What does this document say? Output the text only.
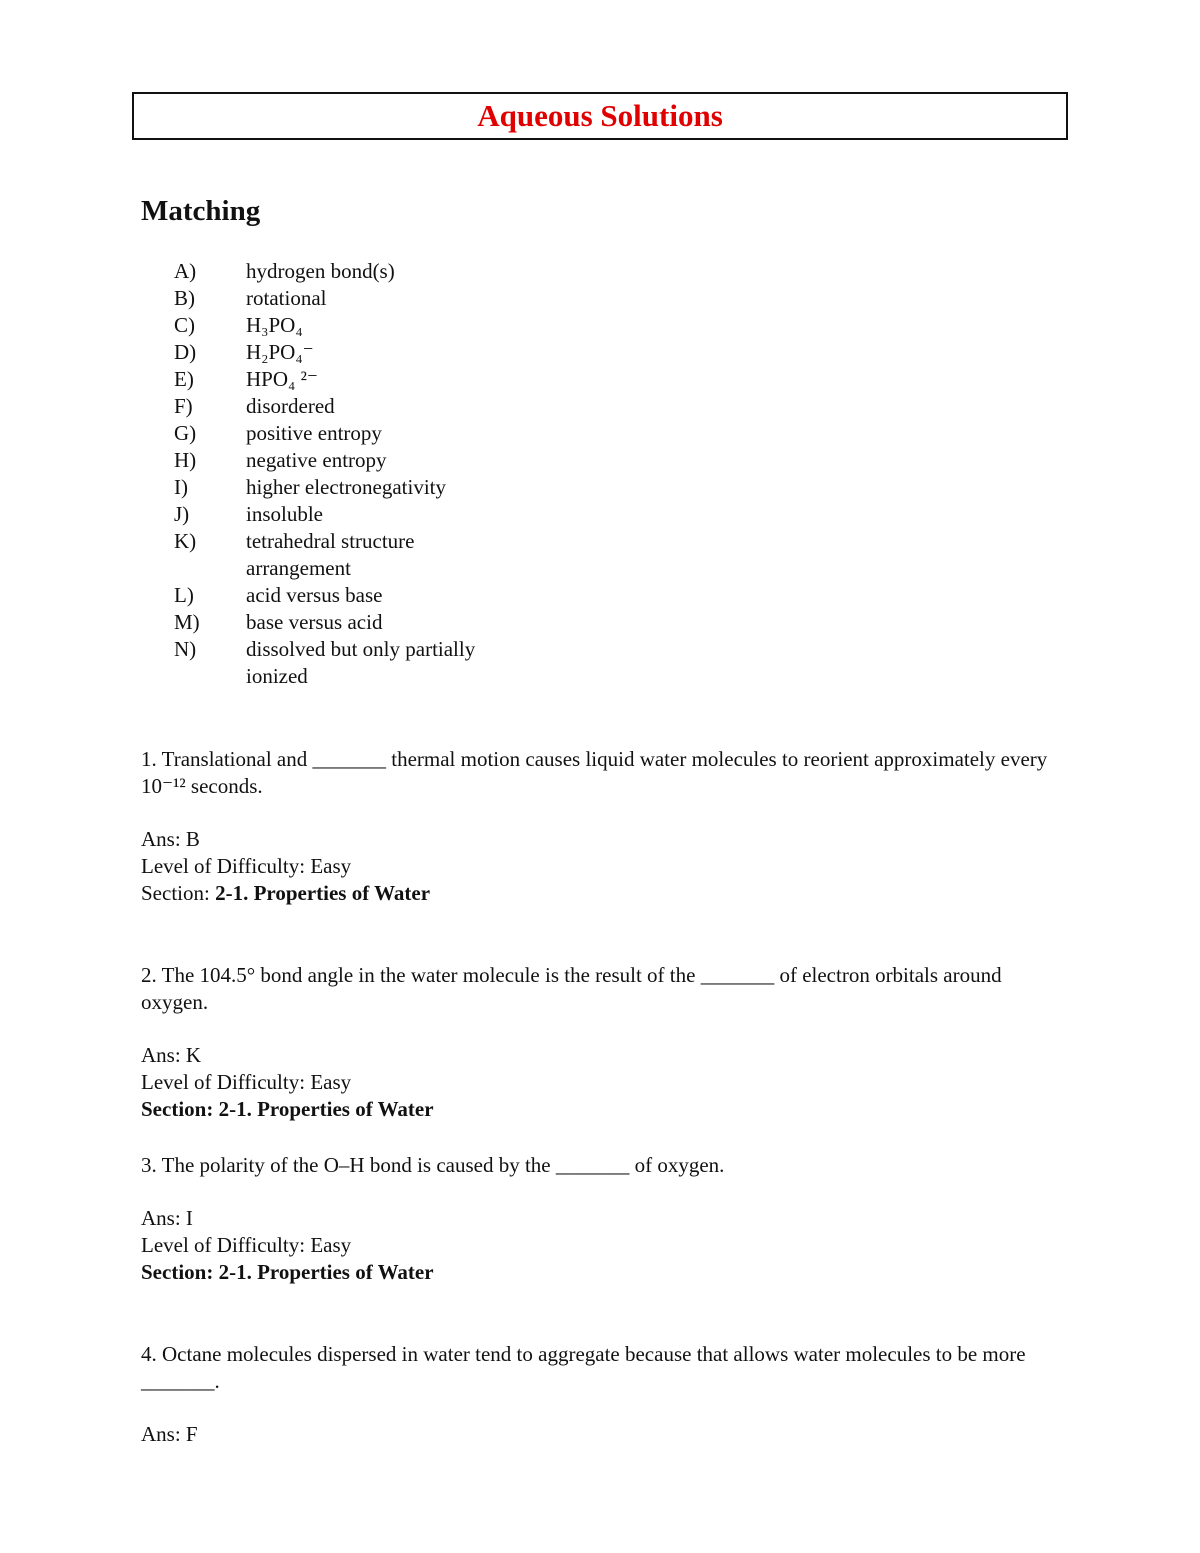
Aqueous Solutions
Matching
A)	hydrogen bond(s)
B)	rotational
C)	H₃PO₄
D)	H₂PO₄⁻
E)	HPO₄ ²⁻
F)	disordered
G)	positive entropy
H)	negative entropy
I)	higher electronegativity
J)	insoluble
K)	tetrahedral structure arrangement
L)	acid versus base
M)	base versus acid
N)	dissolved but only partially ionized

1. Translational and _______ thermal motion causes liquid water molecules to reorient approximately every 10⁻¹² seconds.

Ans: B

Level of Difficulty: Easy

Section: 2-1. Properties of Water

2. The 104.5° bond angle in the water molecule is the result of the _______ of electron orbitals around oxygen.

Ans: K

Level of Difficulty: Easy

Section: 2-1. Properties of Water

3. The polarity of the O–H bond is caused by the _______ of oxygen.

Ans: I

Level of Difficulty: Easy

Section: 2-1. Properties of Water

4. Octane molecules dispersed in water tend to aggregate because that allows water molecules to be more _______.

Ans: F
